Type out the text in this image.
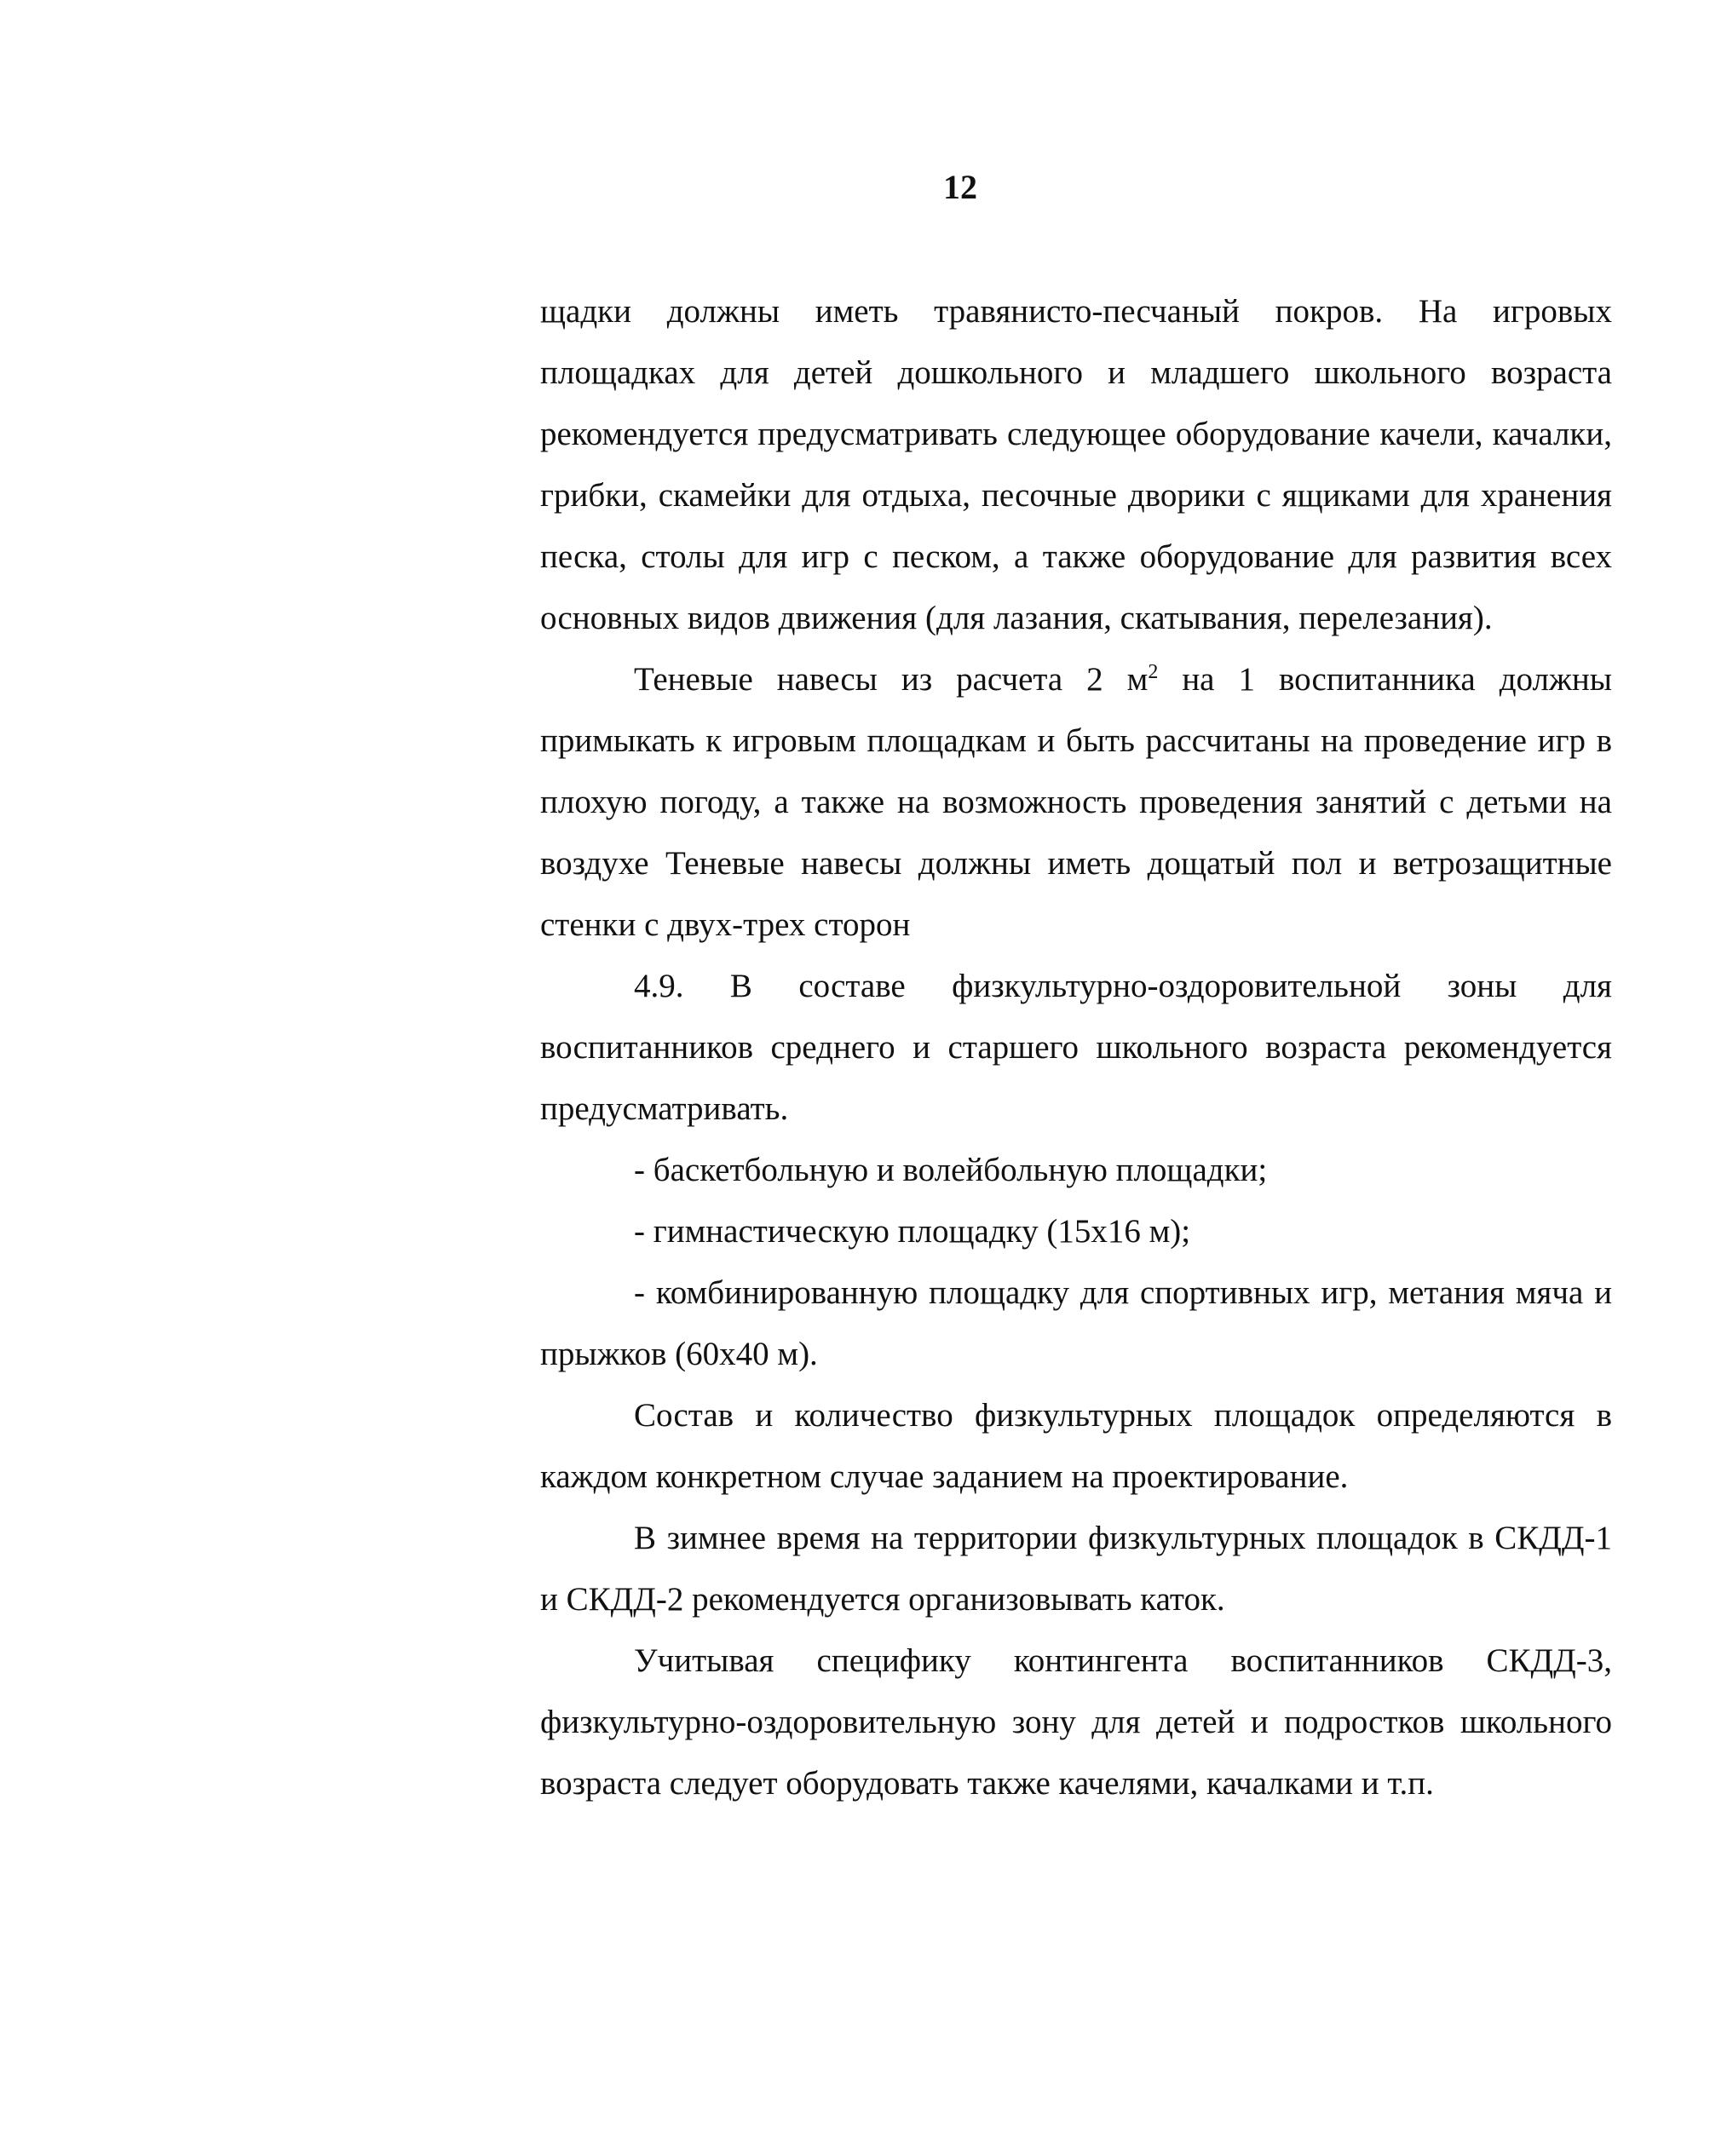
12

щадки должны иметь травянисто-песчаный покров. На игровых площадках для детей дошкольного и младшего школьного возраста рекомендуется предусматривать следующее оборудование качели, качалки, грибки, скамейки для отдыха, песочные дворики с ящиками для хранения песка, столы для игр с песком, а также оборудование для развития всех основных видов движения (для лазания, скатывания, перелезания).

Теневые навесы из расчета 2 $м^2$ на 1 воспитанника должны примыкать к игровым площадкам и быть рассчитаны на проведение игр в плохую погоду, а также на возможность проведения занятий с детьми на воздухе Теневые навесы должны иметь дощатый пол и ветрозащитные стенки с двух-трех сторон

4.9. В составе физкультурно-оздоровительной зоны для воспитанников среднего и старшего школьного возраста рекомендуется предусматривать.

- баскетбольную и волейбольную площадки;

- гимнастическую площадку (15х16 м);

- комбинированную площадку для спортивных игр, метания мяча и прыжков (60х40 м).

Состав и количество физкультурных площадок определяются в каждом конкретном случае заданием на проектирование.

В зимнее время на территории физкультурных площадок в СКДД-1 и СКДД-2 рекомендуется организовывать каток.

Учитывая специфику контингента воспитанников СКДД-3, физкультурно-оздоровительную зону для детей и подростков школьного возраста следует оборудовать также качелями, качалками и т.п.
